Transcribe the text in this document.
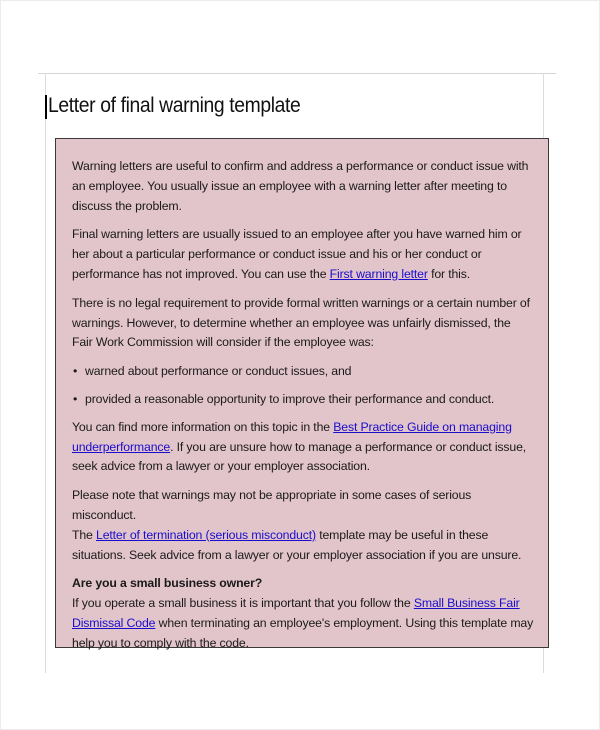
Letter of final warning template

Warning letters are useful to confirm and address a performance or conduct issue with an employee. You usually issue an employee with a warning letter after meeting to discuss the problem.

Final warning letters are usually issued to an employee after you have warned him or her about a particular performance or conduct issue and his or her conduct or performance has not improved. You can use the First warning letter for this.

There is no legal requirement to provide formal written warnings or a certain number of warnings. However, to determine whether an employee was unfairly dismissed, the Fair Work Commission will consider if the employee was:

• warned about performance or conduct issues, and
• provided a reasonable opportunity to improve their performance and conduct.

You can find more information on this topic in the Best Practice Guide on managing underperformance. If you are unsure how to manage a performance or conduct issue, seek advice from a lawyer or your employer association.

Please note that warnings may not be appropriate in some cases of serious misconduct.
The Letter of termination (serious misconduct) template may be useful in these situations. Seek advice from a lawyer or your employer association if you are unsure.

Are you a small business owner?

If you operate a small business it is important that you follow the Small Business Fair Dismissal Code when terminating an employee's employment. Using this template may help you to comply with the code.
